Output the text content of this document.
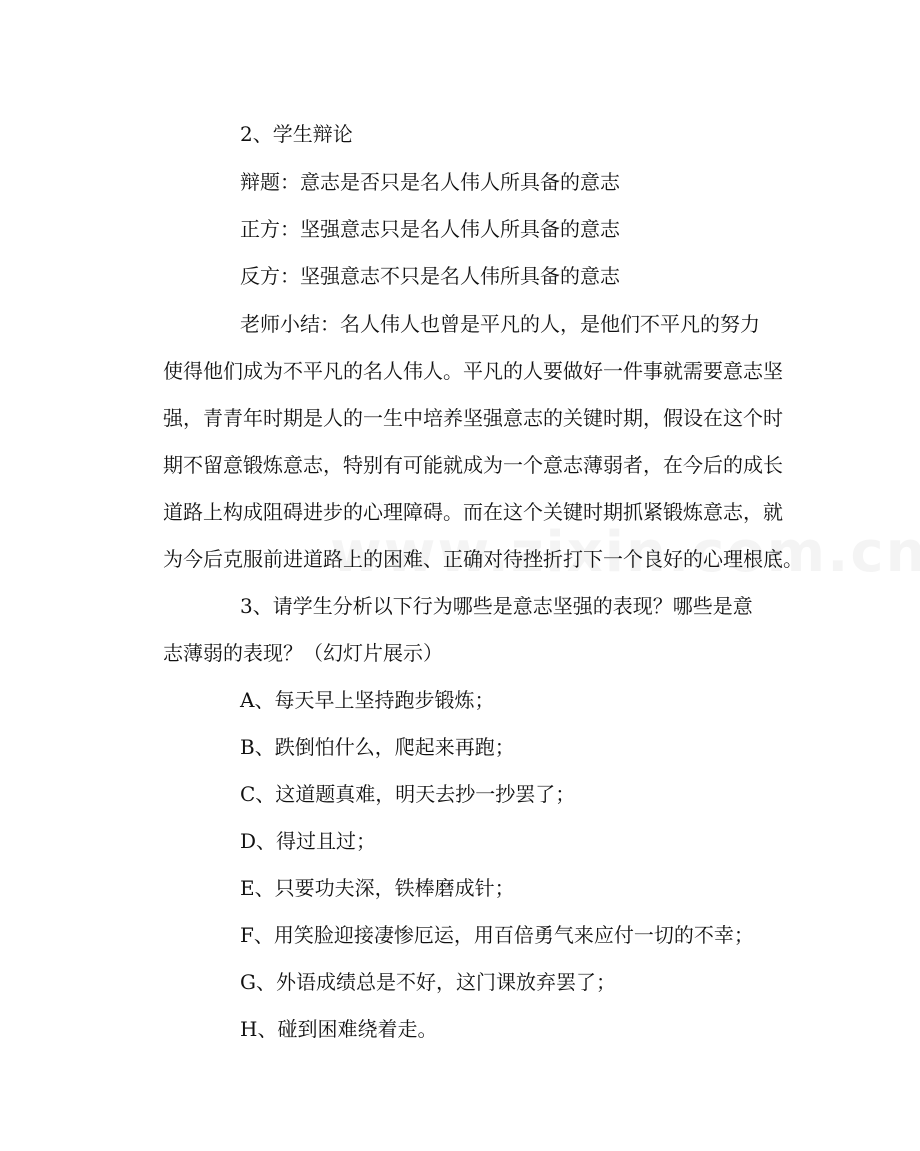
2、学生辩论
辩题：意志是否只是名人伟人所具备的意志
正方：坚强意志只是名人伟人所具备的意志
反方：坚强意志不只是名人伟所具备的意志
老师小结：名人伟人也曾是平凡的人，是他们不平凡的努力
使得他们成为不平凡的名人伟人。平凡的人要做好一件事就需要意志坚
强，青青年时期是人的一生中培养坚强意志的关键时期，假设在这个时
期不留意锻炼意志，特别有可能就成为一个意志薄弱者，在今后的成长
道路上构成阻碍进步的心理障碍。而在这个关键时期抓紧锻炼意志，就
为今后克服前进道路上的困难、正确对待挫折打下一个良好的心理根底。
3、请学生分析以下行为哪些是意志坚强的表现？哪些是意
志薄弱的表现？（幻灯片展示）
A、每天早上坚持跑步锻炼；
B、跌倒怕什么，爬起来再跑；
C、这道题真难，明天去抄一抄罢了；
D、得过且过；
E、只要功夫深，铁棒磨成针；
F、用笑脸迎接凄惨厄运，用百倍勇气来应付一切的不幸；
G、外语成绩总是不好，这门课放弃罢了；
H、碰到困难绕着走。
